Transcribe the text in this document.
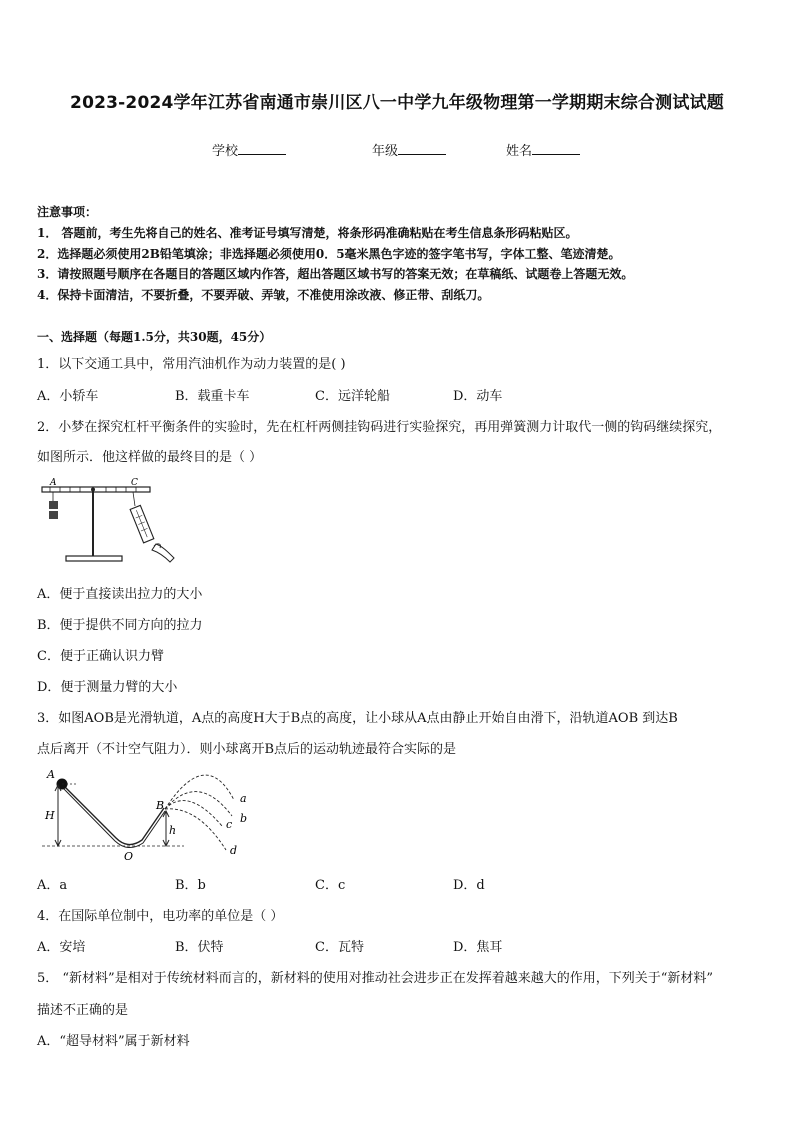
2023-2024学年江苏省南通市崇川区八一中学九年级物理第一学期期末综合测试试题
学校	年级	姓名
注意事项：
1． 答题前，考生先将自己的姓名、准考证号填写清楚，将条形码准确粘贴在考生信息条形码粘贴区。
2．选择题必须使用2B铅笔填涂；非选择题必须使用0．5毫米黑色字迹的签字笔书写，字体工整、笔迹清楚。
3．请按照题号顺序在各题目的答题区域内作答，超出答题区域书写的答案无效；在草稿纸、试题卷上答题无效。
4．保持卡面清洁，不要折叠，不要弄破、弄皱，不准使用涂改液、修正带、刮纸刀。
一、选择题（每题1.5分，共30题，45分）
1．以下交通工具中，常用汽油机作为动力装置的是( )
A．小轿车	B．载重卡车	C．远洋轮船	D．动车
2．小梦在探究杠杆平衡条件的实验时，先在杠杆两侧挂钩码进行实验探究，再用弹簧测力计取代一侧的钩码继续探究，
如图所示．他这样做的最终目的是（ ）
A	C
A．便于直接读出拉力的大小
B．便于提供不同方向的拉力
C．便于正确认识力臂
D．便于测量力臂的大小
3．如图AOB是光滑轨道，A点的高度H大于B点的高度，让小球从A点由静止开始自由滑下，沿轨道AOB 到达B
点后离开（不计空气阻力）．则小球离开B点后的运动轨迹最符合实际的是
A
B
O
H
h
a
b
c
d
A．a	B．b	C．c	D．d
4．在国际单位制中，电功率的单位是（ ）
A．安培	B．伏特	C．瓦特	D．焦耳
5． “新材料”是相对于传统材料而言的，新材料的使用对推动社会进步正在发挥着越来越大的作用，下列关于“新材料”
描述不正确的是
A．“超导材料”属于新材料
